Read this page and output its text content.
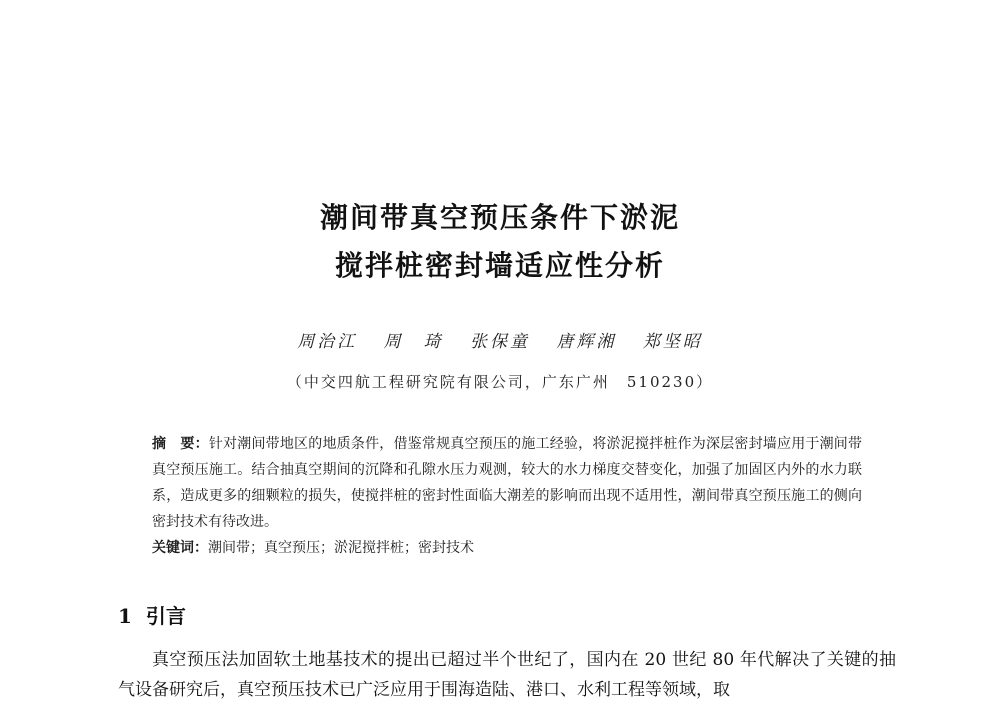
潮间带真空预压条件下淤泥
搅拌桩密封墙适应性分析
周治江 周　琦 张保童 唐辉湘 郑坚昭
（中交四航工程研究院有限公司，广东广州　510230）
摘　要：针对潮间带地区的地质条件，借鉴常规真空预压的施工经验，将淤泥搅拌桩作为深层密封墙应用于潮间带真空预压施工。结合抽真空期间的沉降和孔隙水压力观测，较大的水力梯度交替变化，加强了加固区内外的水力联系，造成更多的细颗粒的损失，使搅拌桩的密封性面临大潮差的影响而出现不适用性，潮间带真空预压施工的侧向密封技术有待改进。
关键词：潮间带；真空预压；淤泥搅拌桩；密封技术
1 引言
真空预压法加固软土地基技术的提出已超过半个世纪了，国内在 20 世纪 80 年代解决了关键的抽气设备研究后，真空预压技术已广泛应用于围海造陆、港口、水利工程等领域，取
